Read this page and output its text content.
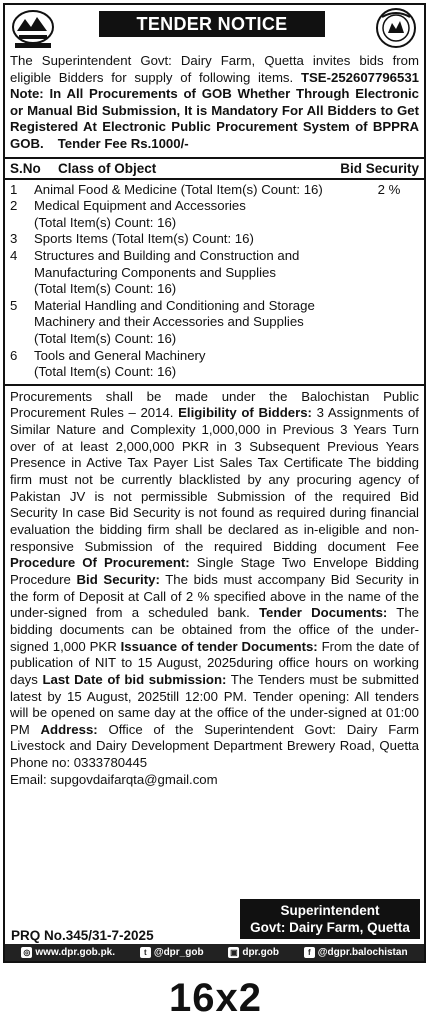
TENDER NOTICE
The Superintendent Govt: Dairy Farm, Quetta invites bids from eligible Bidders for supply of following items. TSE-252607796531 Note: In All Procurements of GOB Whether Through Electronic or Manual Bid Submission, It is Mandatory For All Bidders to Get Registered At Electronic Public Procurement System of BPPRA GOB. Tender Fee Rs.1000/-
S.No	Class of Object	Bid Security
1	Animal Food & Medicine (Total Item(s) Count: 16)	2 %
2	Medical Equipment and Accessories
(Total Item(s) Count: 16)
3	Sports Items (Total Item(s) Count: 16)
4	Structures and Building and Construction and
Manufacturing Components and Supplies
(Total Item(s) Count: 16)
5	Material Handling and Conditioning and Storage
Machinery and their Accessories and Supplies
(Total Item(s) Count: 16)
6	Tools and General Machinery
(Total Item(s) Count: 16)
Procurements shall be made under the Balochistan Public Procurement Rules – 2014. Eligibility of Bidders: 3 Assignments of Similar Nature and Complexity 1,000,000 in Previous 3 Years Turn over of at least 2,000,000 PKR in 3 Subsequent Previous Years Presence in Active Tax Payer List Sales Tax Certificate The bidding firm must not be currently blacklisted by any procuring agency of Pakistan JV is not permissible Submission of the required Bid Security In case Bid Security is not found as required during financial evaluation the bidding firm shall be declared as in-eligible and non-responsive Submission of the required Bidding document Fee Procedure Of Procurement: Single Stage Two Envelope Bidding Procedure Bid Security: The bids must accompany Bid Security in the form of Deposit at Call of 2 % specified above in the name of the under-signed from a scheduled bank. Tender Documents: The bidding documents can be obtained from the office of the under-signed 1,000 PKR Issuance of tender Documents: From the date of publication of NIT to 15 August, 2025during office hours on working days Last Date of bid submission: The Tenders must be submitted latest by 15 August, 2025till 12:00 PM. Tender opening: All tenders will be opened on same day at the office of the under-signed at 01:00 PM Address: Office of the Superintendent Govt: Dairy Farm Livestock and Dairy Development Department Brewery Road, Quetta Phone no: 0333780445
Email: supgovdaifarqta@gmail.com
PRQ No.345/31-7-2025
Superintendent
Govt: Dairy Farm, Quetta
◎ www.dpr.gob.pk.	t @dpr_gob	▣ dpr.gob	f @dgpr.balochistan
16x2
